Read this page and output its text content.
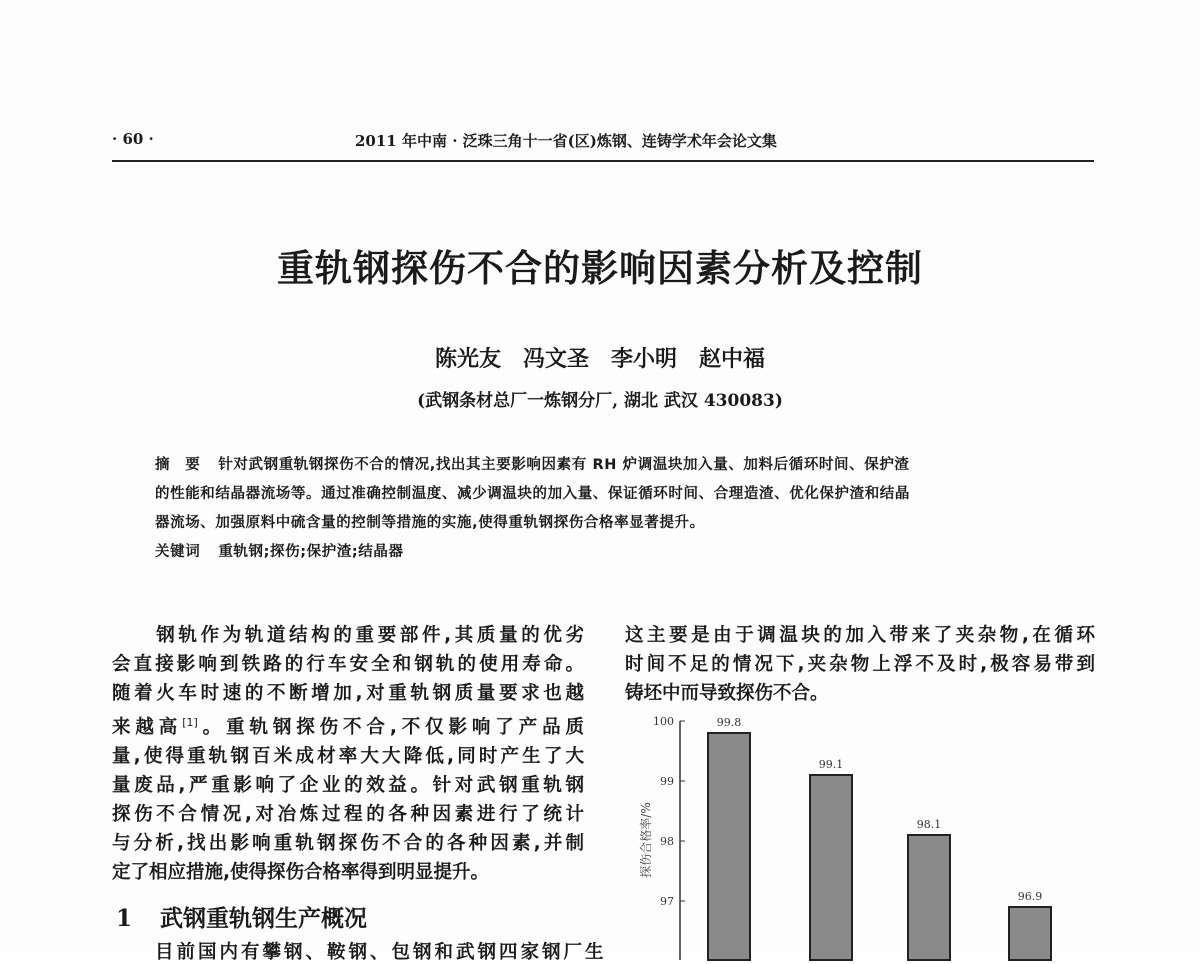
· 60 ·	2011 年中南 · 泛珠三角十一省(区)炼钢、连铸学术年会论文集
重轨钢探伤不合的影响因素分析及控制
陈光友　冯文圣　李小明　赵中福
(武钢条材总厂一炼钢分厂, 湖北 武汉 430083)
摘　要 针对武钢重轨钢探伤不合的情况,找出其主要影响因素有 RH 炉调温块加入量、加料后循环时间、保护渣
的性能和结晶器流场等。通过准确控制温度、减少调温块的加入量、保证循环时间、合理造渣、优化保护渣和结晶
器流场、加强原料中硫含量的控制等措施的实施,使得重轨钢探伤合格率显著提升。
关键词 重轨钢;探伤;保护渣;结晶器
　　钢轨作为轨道结构的重要部件,其质量的优劣
会直接影响到铁路的行车安全和钢轨的使用寿命。
随着火车时速的不断增加,对重轨钢质量要求也越
来越高[1]。重轨钢探伤不合,不仅影响了产品质
量,使得重轨钢百米成材率大大降低,同时产生了大
量废品,严重影响了企业的效益。针对武钢重轨钢
探伤不合情况,对冶炼过程的各种因素进行了统计
与分析,找出影响重轨钢探伤不合的各种因素,并制
定了相应措施,使得探伤合格率得到明显提升。
1 武钢重轨钢生产概况
目前国内有攀钢、鞍钢、包钢和武钢四家钢厂生
这主要是由于调温块的加入带来了夹杂物,在循环
时间不足的情况下,夹杂物上浮不及时,极容易带到
铸坯中而导致探伤不合。
100
99
98
97
探伤合格率/%
99.8
99.1
98.1
96.9
